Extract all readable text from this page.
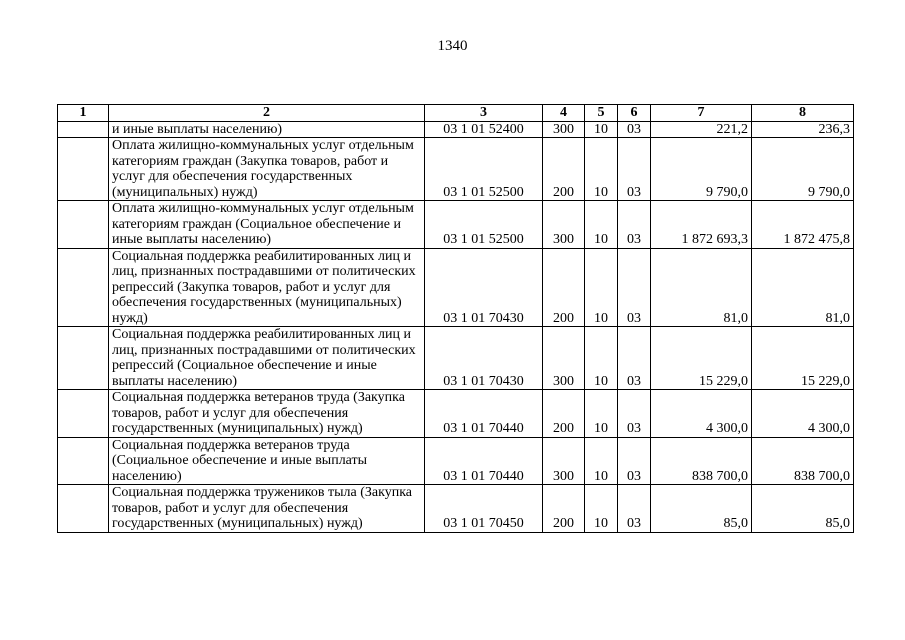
1340
1	2	3	4	5	6	7	8
	и иные выплаты населению)	03 1 01 52400	300	10	03	221,2	236,3
	Оплата жилищно-коммунальных услуг отдельным категориям граждан (Закупка товаров, работ и услуг для обеспечения государственных (муниципальных) нужд)	03 1 01 52500	200	10	03	9 790,0	9 790,0
	Оплата жилищно-коммунальных услуг отдельным категориям граждан (Социальное обеспечение и иные выплаты населению)	03 1 01 52500	300	10	03	1 872 693,3	1 872 475,8
	Социальная поддержка реабилитированных лиц и лиц, признанных пострадавшими от политических репрессий (Закупка товаров, работ и услуг для обеспечения государственных (муниципальных) нужд)	03 1 01 70430	200	10	03	81,0	81,0
	Социальная поддержка реабилитированных лиц и лиц, признанных пострадавшими от политических репрессий (Социальное обеспечение и иные выплаты населению)	03 1 01 70430	300	10	03	15 229,0	15 229,0
	Социальная поддержка ветеранов труда (Закупка товаров, работ и услуг для обеспечения государственных (муниципальных) нужд)	03 1 01 70440	200	10	03	4 300,0	4 300,0
	Социальная поддержка ветеранов труда (Социальное обеспечение и иные выплаты населению)	03 1 01 70440	300	10	03	838 700,0	838 700,0
	Социальная поддержка тружеников тыла (Закупка товаров, работ и услуг для обеспечения государственных (муниципальных) нужд)	03 1 01 70450	200	10	03	85,0	85,0
